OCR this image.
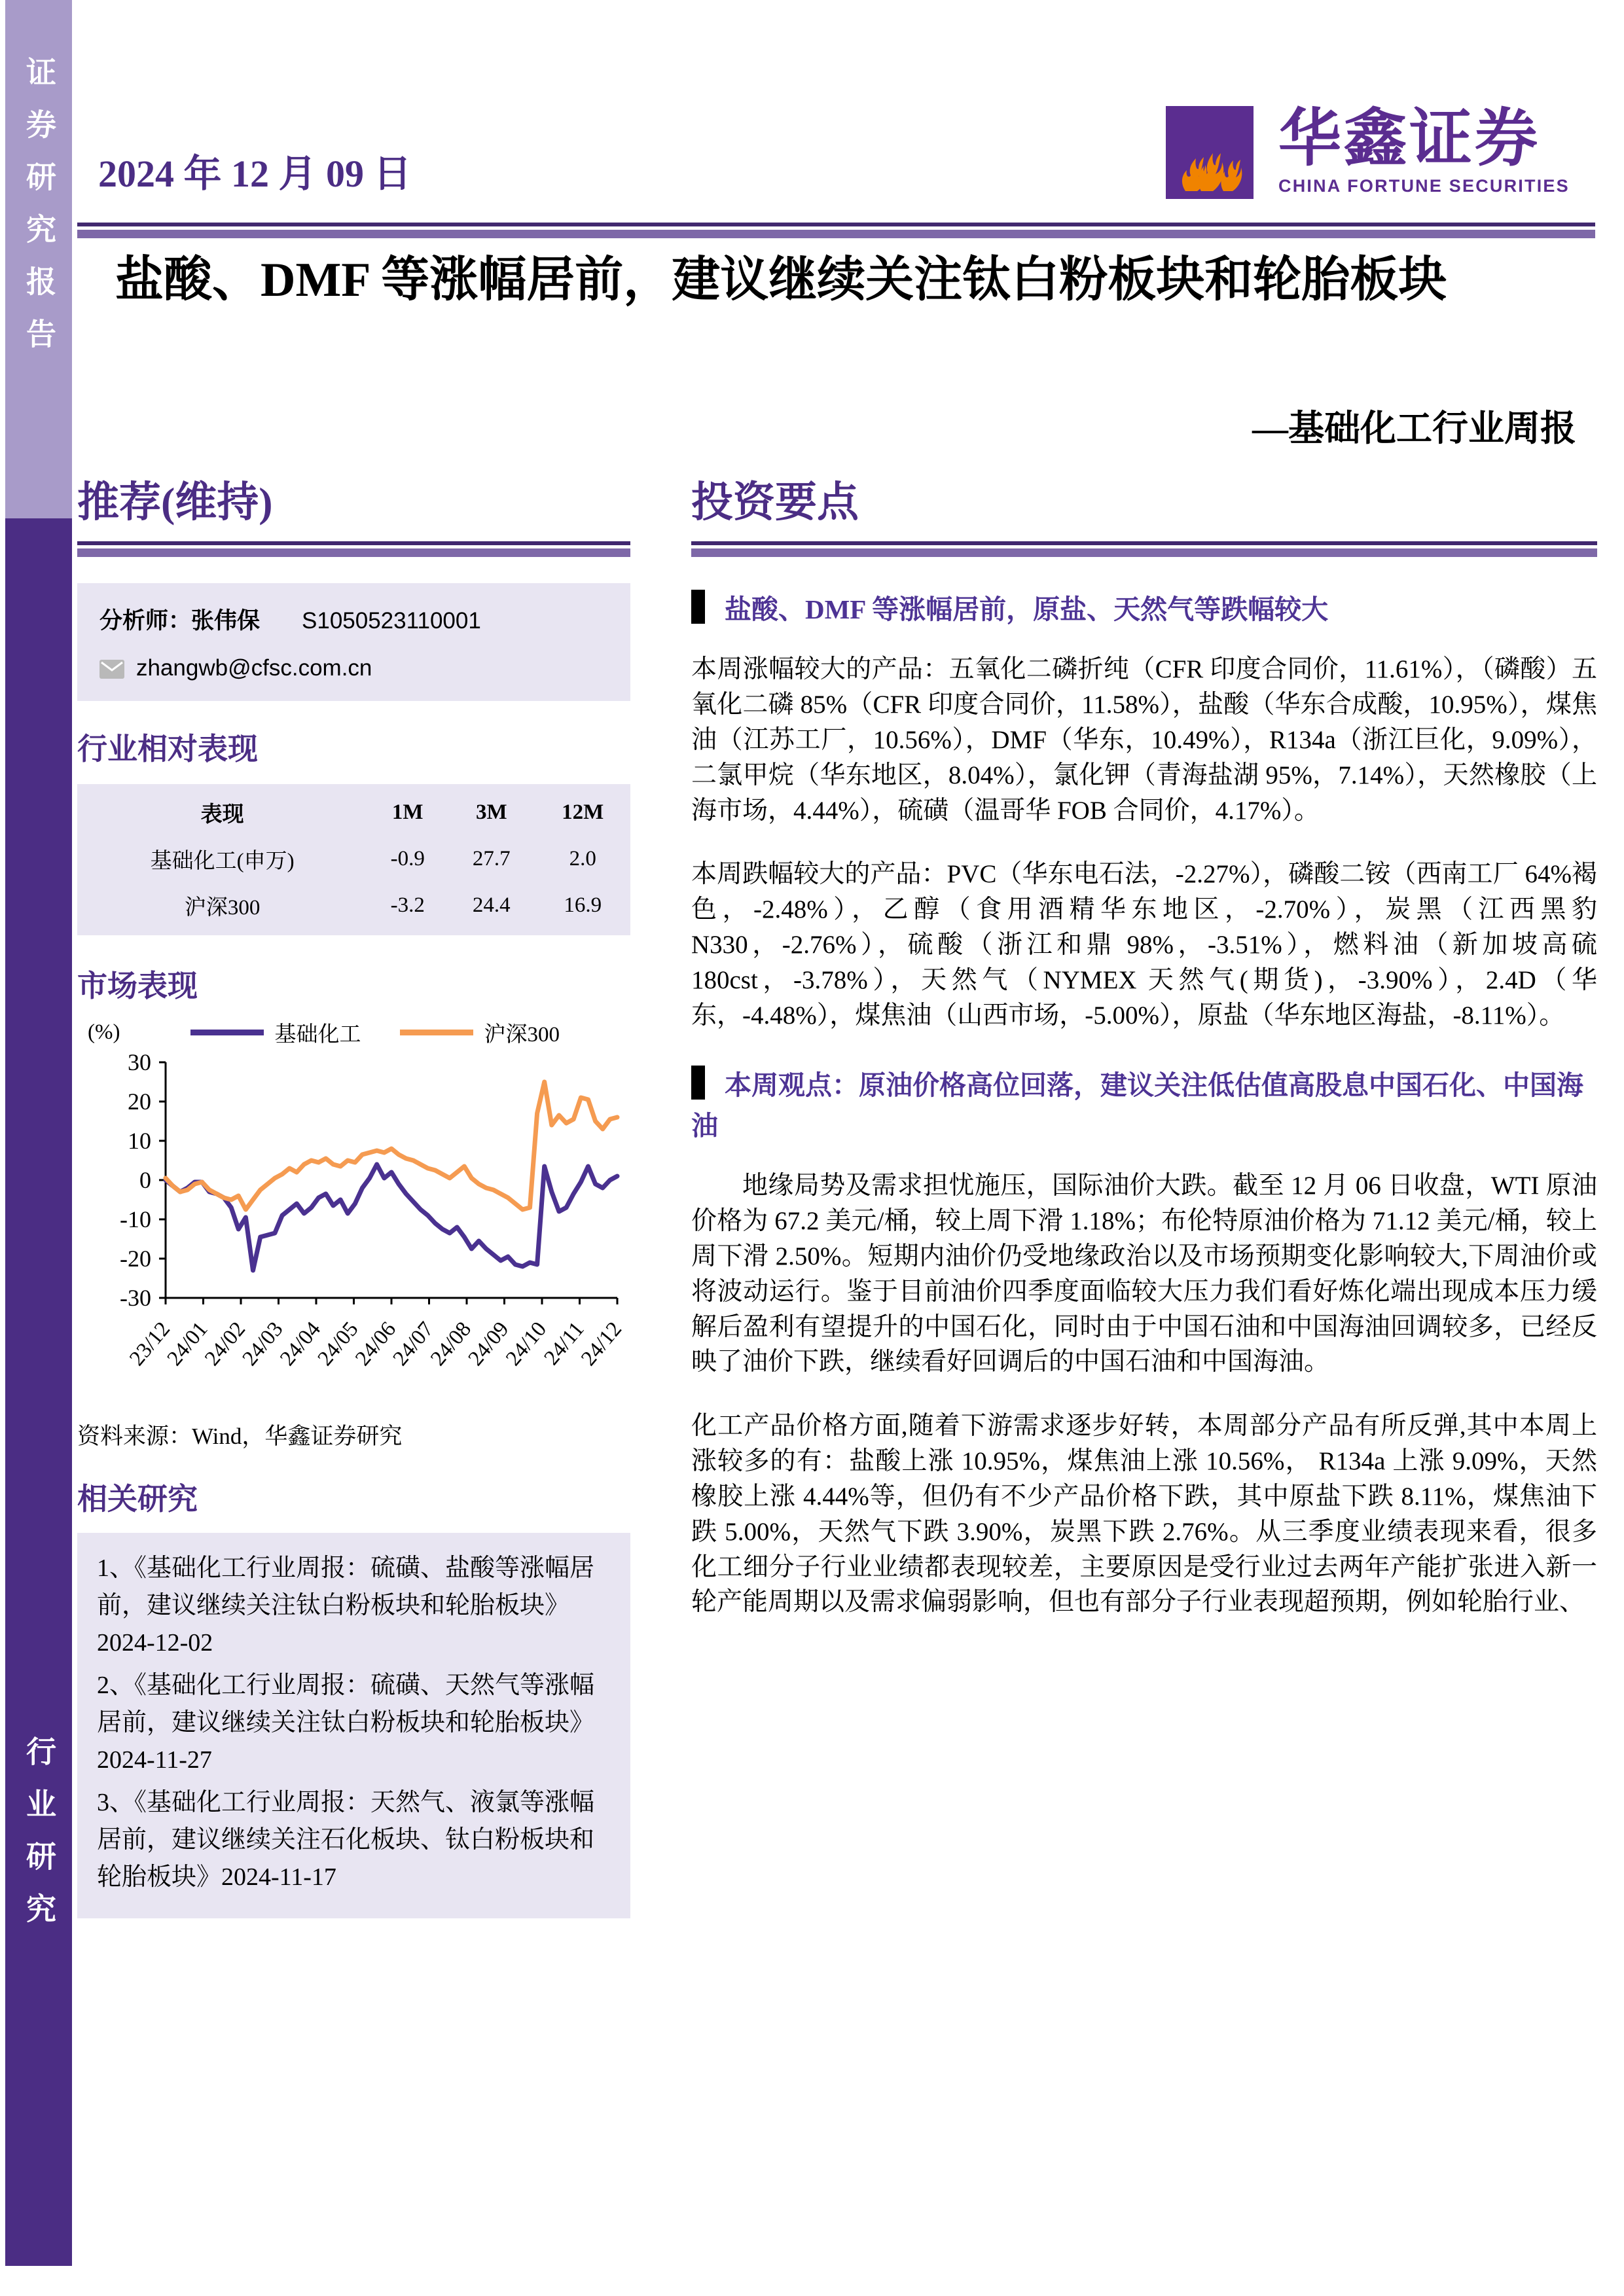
证券研究报告
行业研究
2024 年 12 月 09 日
华鑫证券
CHINA FORTUNE SECURITIES
盐酸、DMF 等涨幅居前，建议继续关注钛白粉板块和轮胎板块
—基础化工行业周报
推荐(维持)
分析师：张伟保 S1050523110001
zhangwb@cfsc.com.cn
行业相对表现
表现	1M	3M	12M
基础化工(申万)	-0.9	27.7	2.0
沪深300	-3.2	24.4	16.9
市场表现
(%)	基础化工	沪深300
30
20
10
0
-10
-20
-30
23/12
24/01
24/02
24/03
24/04
24/05
24/06
24/07
24/08
24/09
24/10
24/11
24/12
资料来源：Wind，华鑫证券研究
相关研究

1、《基础化工行业周报：硫磺、盐酸等涨幅居前，建议继续关注钛白粉板块和轮胎板块》2024-12-02

2、《基础化工行业周报：硫磺、天然气等涨幅居前，建议继续关注钛白粉板块和轮胎板块》2024-11-27

3、《基础化工行业周报：天然气、液氯等涨幅居前，建议继续关注石化板块、钛白粉板块和轮胎板块》2024-11-17

投资要点
盐酸、DMF 等涨幅居前，原盐、天然气等跌幅较大

本周涨幅较大的产品：五氧化二磷折纯（CFR 印度合同价，11.61%），（磷酸）五氧化二磷 85%（CFR 印度合同价，11.58%），盐酸（华东合成酸，10.95%），煤焦油（江苏工厂，10.56%），DMF（华东，10.49%），R134a（浙江巨化，9.09%），二氯甲烷（华东地区，8.04%），氯化钾（青海盐湖 95%，7.14%），天然橡胶（上海市场，4.44%），硫磺（温哥华 FOB 合同价，4.17%）。

本周跌幅较大的产品：PVC（华东电石法，-2.27%），磷酸二铵（西南工厂 64%褐色，-2.48%），乙醇（食用酒精华东地区，-2.70%），炭黑（江西黑豹 N330，-2.76%），硫酸（浙江和鼎 98%，-3.51%），燃料油（新加坡高硫 180cst，-3.78%），天然气（NYMEX 天然气(期货)，-3.90%），2.4D（华东，-4.48%），煤焦油（山西市场，-5.00%），原盐（华东地区海盐，-8.11%）。

本周观点：原油价格高位回落，建议关注低估值高股息中国石化、中国海油

地缘局势及需求担忧施压，国际油价大跌。截至 12 月 06 日收盘，WTI 原油价格为 67.2 美元/桶，较上周下滑 1.18%；布伦特原油价格为 71.12 美元/桶，较上周下滑 2.50%。短期内油价仍受地缘政治以及市场预期变化影响较大,下周油价或将波动运行。鉴于目前油价四季度面临较大压力我们看好炼化端出现成本压力缓解后盈利有望提升的中国石化，同时由于中国石油和中国海油回调较多，已经反映了油价下跌，继续看好回调后的中国石油和中国海油。

化工产品价格方面,随着下游需求逐步好转，本周部分产品有所反弹,其中本周上涨较多的有：盐酸上涨 10.95%，煤焦油上涨 10.56%， R134a 上涨 9.09%，天然橡胶上涨 4.44%等，但仍有不少产品价格下跌，其中原盐下跌 8.11%，煤焦油下跌 5.00%，天然气下跌 3.90%，炭黑下跌 2.76%。从三季度业绩表现来看，很多化工细分子行业业绩都表现较差，主要原因是受行业过去两年产能扩张进入新一轮产能周期以及需求偏弱影响，但也有部分子行业表现超预期，例如轮胎行业、
